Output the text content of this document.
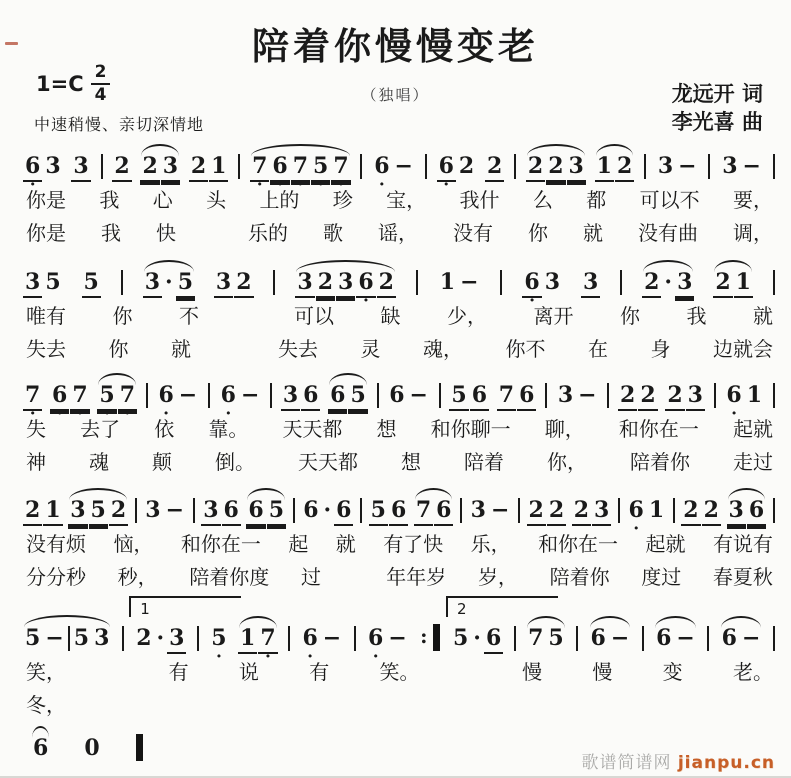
陪着你慢慢变老
$1=C \frac{2}{4}$	（独唱）	龙远开 词
李光喜 曲
中速稍慢、亲切深情地
6 · 3 3 2 2 3 2 1 7 · 6 · 7 · 5 · 7 · 6 · − 6 · 2 2 2 2 3 1 2 3 − 3 −
你是 我 心 头 上的 珍 宝， 我什 么 都 可以不 要，
你是 我 快	乐的 歌 谣， 没有 你 就 没有曲 调，
3 5 5 3 · 5 3 2 3 2 3 6 · 2 1 − 6 · 3 3 2 · 3 2 1
唯有 你 不	可以 缺 少， 离开 你 我 就
失去 你 就	失去 灵 魂， 你不 在 身 边就会
7 · 6 · 7 · 5 · 7 · 6 · − 6 · − 3 6 6 5 6 − 5 6 7 6 3 − 2 2 2 3 6 · 1
失 去了 依 靠。 天天都 想 和你聊一 聊， 和你在一 起就
神 魂 颠 倒。 天天都 想 陪着 你， 陪着你 走过
2 1 3 5 2 3 − 3 6 6 5 6 · 6 5 6 7 6 3 − 2 2 2 3 6 · 1 2 2 3 6
没有烦 恼， 和你在一 起 就 有了快 乐， 和你在一 起就 有说有
分分秒 秒， 陪着你度 过	年年岁 岁， 陪着你 度过 春夏秋
5 − 5 3
1
2 · 3 5 · 1 7 · 6 · − 6 · − :
2
5 · 6 7 5 6 − 6 − 6 −
笑，	有	说	有	笑。	慢	慢	变	老。
冬，
6 0
歌谱简谱网 jianpu.cn
